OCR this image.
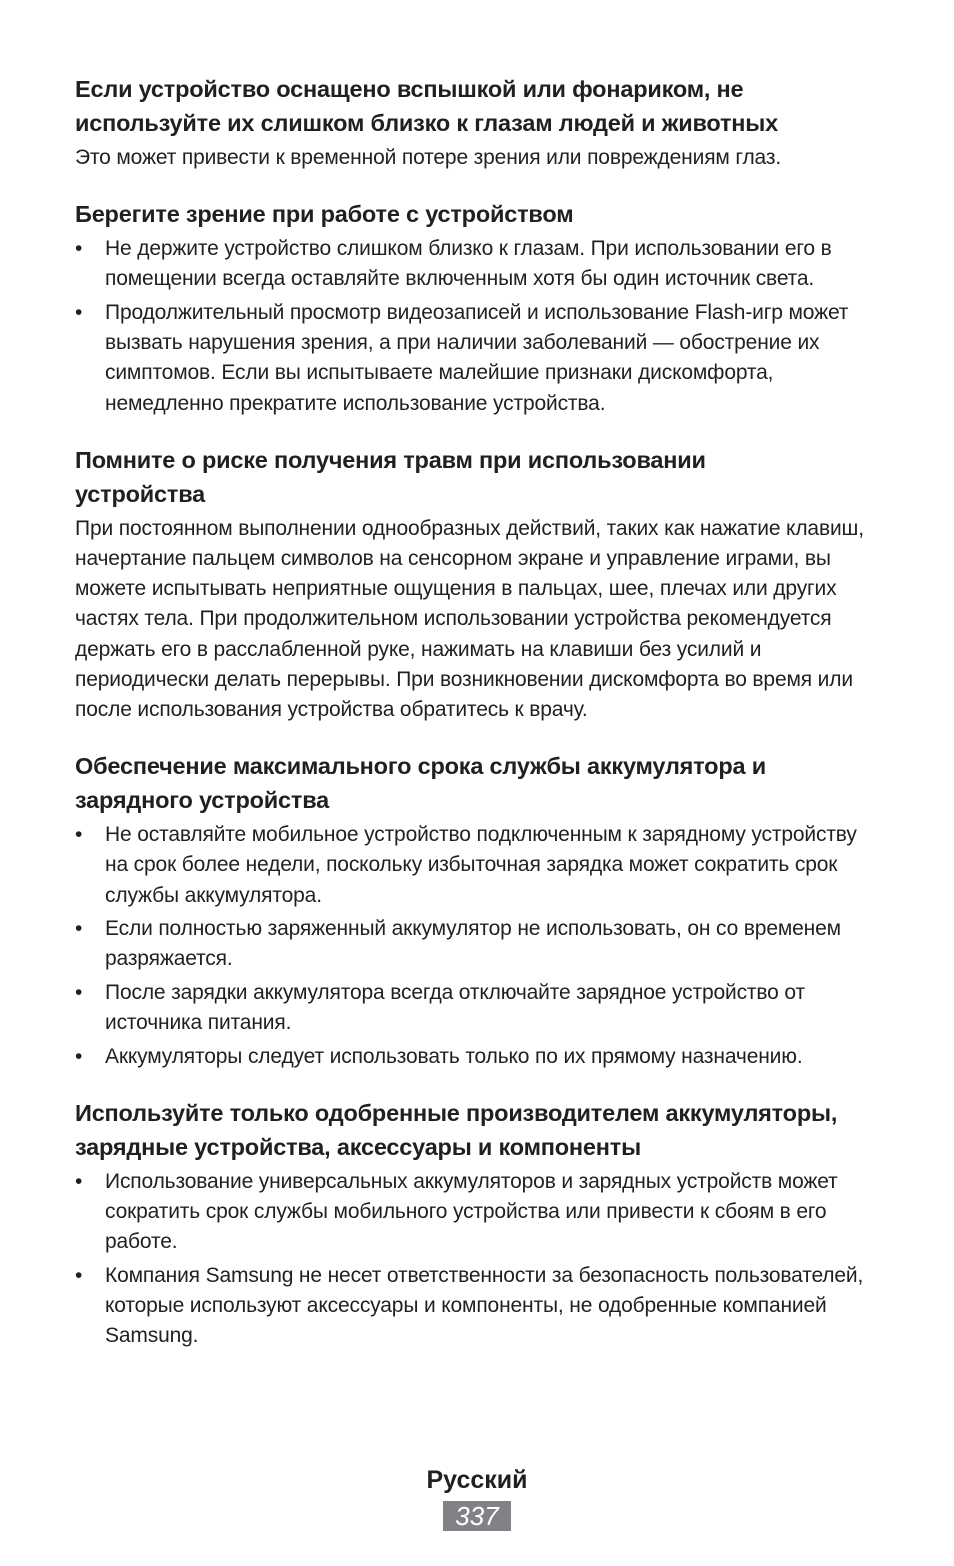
Если устройство оснащено вспышкой или фонариком, не используйте их слишком близко к глазам людей и животных

Это может привести к временной потере зрения или повреждениям глаз.

Берегите зрение при работе с устройством
•	Не держите устройство слишком близко к глазам. При использовании его в помещении всегда оставляйте включенным хотя бы один источник света.
•	Продолжительный просмотр видеозаписей и использование Flash-игр может вызвать нарушения зрения, а при наличии заболеваний — обострение их симптомов. Если вы испытываете малейшие признаки дискомфорта, немедленно прекратите использование устройства.
Помните о риске получения травм при использовании устройства

При постоянном выполнении однообразных действий, таких как нажатие клавиш, начертание пальцем символов на сенсорном экране и управление играми, вы можете испытывать неприятные ощущения в пальцах, шее, плечах или других частях тела. При продолжительном использовании устройства рекомендуется держать его в расслабленной руке, нажимать на клавиши без усилий и периодически делать перерывы. При возникновении дискомфорта во время или после использования устройства обратитесь к врачу.

Обеспечение максимального срока службы аккумулятора и зарядного устройства
•	Не оставляйте мобильное устройство подключенным к зарядному устройству на срок более недели, поскольку избыточная зарядка может сократить срок службы аккумулятора.
•	Если полностью заряженный аккумулятор не использовать, он со временем разряжается.
•	После зарядки аккумулятора всегда отключайте зарядное устройство от источника питания.
•	Аккумуляторы следует использовать только по их прямому назначению.
Используйте только одобренные производителем аккумуляторы, зарядные устройства, аксессуары и компоненты
•	Использование универсальных аккумуляторов и зарядных устройств может сократить срок службы мобильного устройства или привести к сбоям в его работе.
•	Компания Samsung не несет ответственности за безопасность пользователей, которые используют аксессуары и компоненты, не одобренные компанией Samsung.

Русский

337
